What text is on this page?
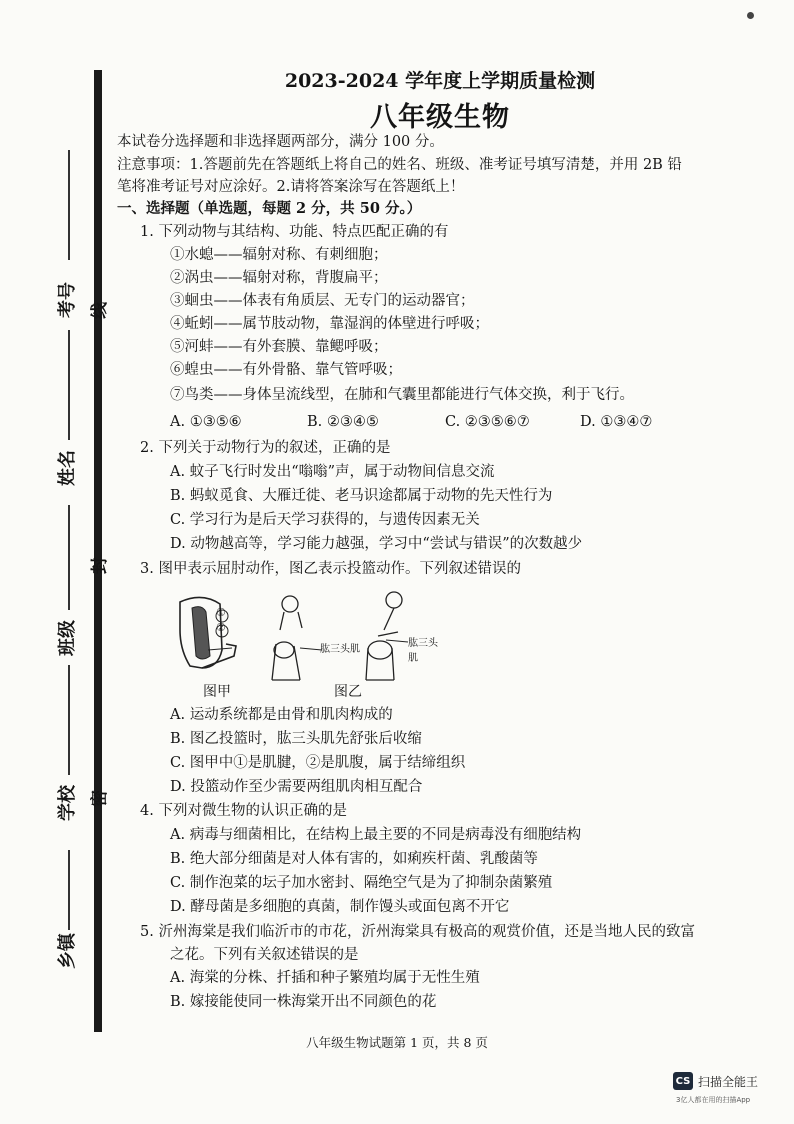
线
封
密
考号
姓名
班级
学校
乡镇
2023-2024 学年度上学期质量检测
八年级生物
本试卷分选择题和非选择题两部分，满分 100 分。
注意事项：1.答题前先在答题纸上将自己的姓名、班级、准考证号填写清楚，并用 2B 铅
笔将准考证号对应涂好。2.请将答案涂写在答题纸上！
一、选择题（单选题，每题 2 分，共 50 分。）
1. 下列动物与其结构、功能、特点匹配正确的有
①水螅——辐射对称、有刺细胞；
②涡虫——辐射对称，背腹扁平；
③蛔虫——体表有角质层、无专门的运动器官；
④蚯蚓——属节肢动物，靠湿润的体壁进行呼吸；
⑤河蚌——有外套膜、靠鳃呼吸；
⑥蝗虫——有外骨骼、靠气管呼吸；
⑦鸟类——身体呈流线型，在肺和气囊里都能进行气体交换，利于飞行。
A. ①③⑤⑥	B. ②③④⑤	C. ②③⑤⑥⑦	D. ①③④⑦
2. 下列关于动物行为的叙述，正确的是
A. 蚊子飞行时发出“嗡嗡”声，属于动物间信息交流
B. 蚂蚁觅食、大雁迁徙、老马识途都属于动物的先天性行为
C. 学习行为是后天学习获得的，与遗传因素无关
D. 动物越高等，学习能力越强，学习中“尝试与错误”的次数越少
3. 图甲表示屈肘动作，图乙表示投篮动作。下列叙述错误的
①
②
肱三头肌
肱三头肌
图甲	图乙
A. 运动系统都是由骨和肌肉构成的
B. 图乙投篮时，肱三头肌先舒张后收缩
C. 图甲中①是肌腱，②是肌腹，属于结缔组织
D. 投篮动作至少需要两组肌肉相互配合
4. 下列对微生物的认识正确的是
A. 病毒与细菌相比，在结构上最主要的不同是病毒没有细胞结构
B. 绝大部分细菌是对人体有害的，如痢疾杆菌、乳酸菌等
C. 制作泡菜的坛子加水密封、隔绝空气是为了抑制杂菌繁殖
D. 酵母菌是多细胞的真菌，制作馒头或面包离不开它
5. 沂州海棠是我们临沂市的市花，沂州海棠具有极高的观赏价值，还是当地人民的致富
之花。下列有关叙述错误的是
A. 海棠的分株、扦插和种子繁殖均属于无性生殖
B. 嫁接能使同一株海棠开出不同颜色的花
八年级生物试题第 1 页，共 8 页
CS 扫描全能王
3亿人都在用的扫描App
